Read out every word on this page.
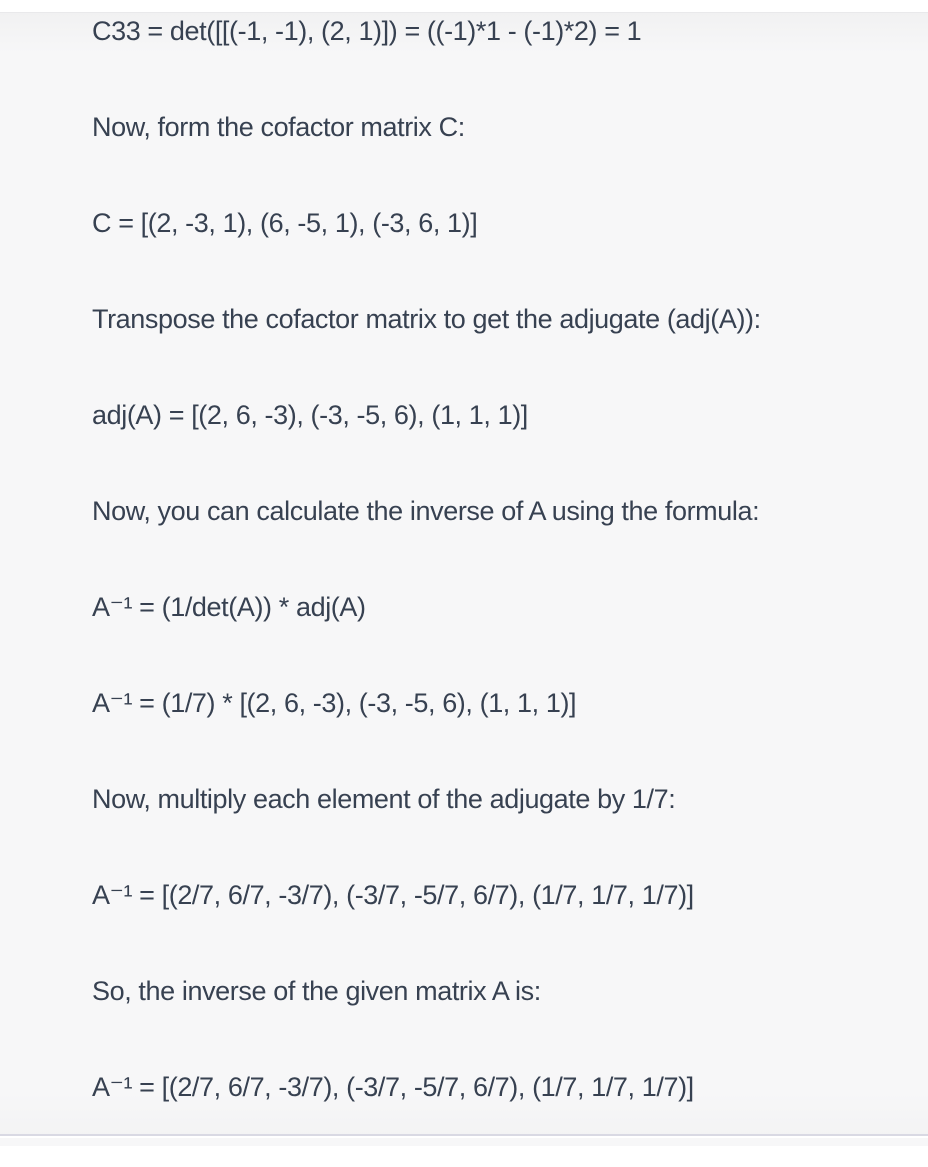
C33 = det([[(-1, -1), (2, 1)]) = ((-1)*1 - (-1)*2) = 1

Now, form the cofactor matrix C:

C = [(2, -3, 1), (6, -5, 1), (-3, 6, 1)]

Transpose the cofactor matrix to get the adjugate (adj(A)):

adj(A) = [(2, 6, -3), (-3, -5, 6), (1, 1, 1)]

Now, you can calculate the inverse of A using the formula:

A⁻¹ = (1/det(A)) * adj(A)

A⁻¹ = (1/7) * [(2, 6, -3), (-3, -5, 6), (1, 1, 1)]

Now, multiply each element of the adjugate by 1/7:

A⁻¹ = [(2/7, 6/7, -3/7), (-3/7, -5/7, 6/7), (1/7, 1/7, 1/7)]

So, the inverse of the given matrix A is:

A⁻¹ = [(2/7, 6/7, -3/7), (-3/7, -5/7, 6/7), (1/7, 1/7, 1/7)]
